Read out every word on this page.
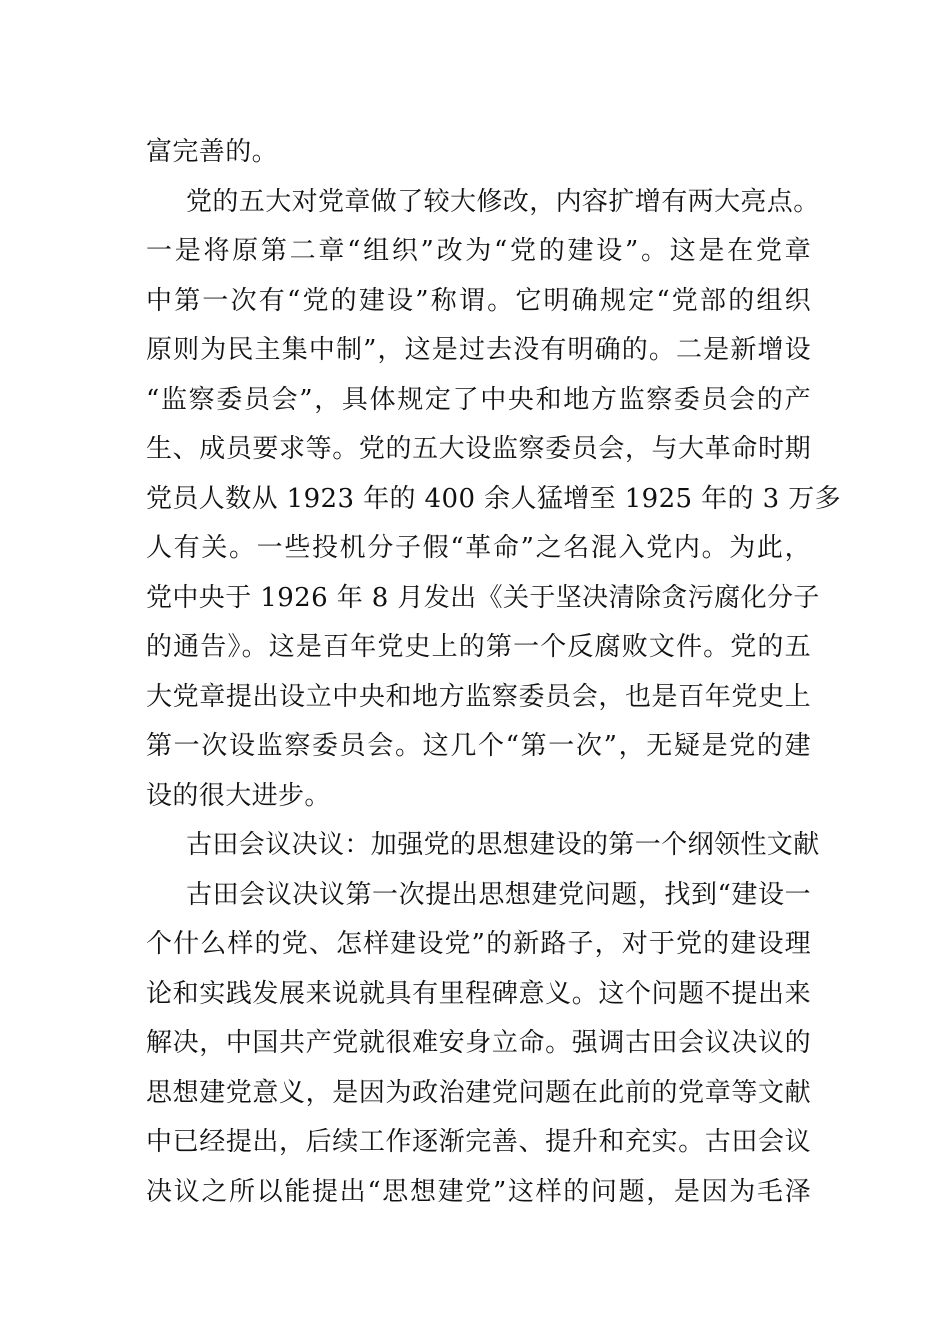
富完善的。
党的五大对党章做了较大修改，内容扩增有两大亮点。
一是将原第二章“组织”改为“党的建设”。这是在党章
中第一次有“党的建设”称谓。它明确规定“党部的组织
原则为民主集中制”，这是过去没有明确的。二是新增设
“监察委员会”，具体规定了中央和地方监察委员会的产
生、成员要求等。党的五大设监察委员会，与大革命时期
党员人数从 1923 年的 400 余人猛增至 1925 年的 3 万多
人有关。一些投机分子假“革命”之名混入党内。为此，
党中央于 1926 年 8 月发出《关于坚决清除贪污腐化分子
的通告》。这是百年党史上的第一个反腐败文件。党的五
大党章提出设立中央和地方监察委员会，也是百年党史上
第一次设监察委员会。这几个“第一次”，无疑是党的建
设的很大进步。
古田会议决议：加强党的思想建设的第一个纲领性文献
古田会议决议第一次提出思想建党问题，找到“建设一
个什么样的党、怎样建设党”的新路子，对于党的建设理
论和实践发展来说就具有里程碑意义。这个问题不提出来
解决，中国共产党就很难安身立命。强调古田会议决议的
思想建党意义，是因为政治建党问题在此前的党章等文献
中已经提出，后续工作逐渐完善、提升和充实。古田会议
决议之所以能提出“思想建党”这样的问题，是因为毛泽
